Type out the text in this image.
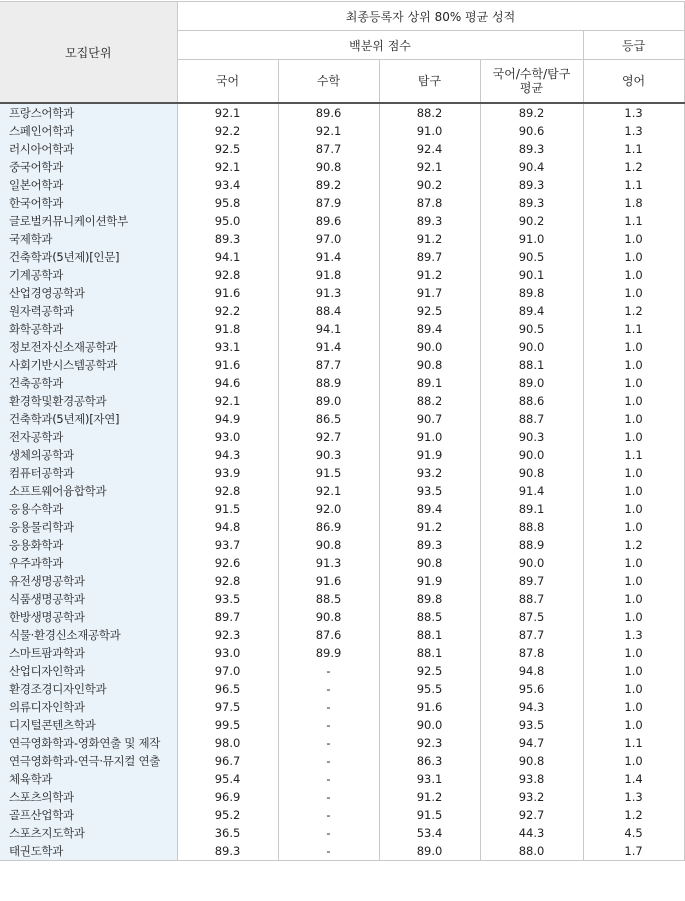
모집단위	최종등록자 상위 80% 평균 성적				
	백분위 점수				등급
	국어	수학	탐구	국어/수학/탐구
평균	영어
프랑스어학과	92.1	89.6	88.2	89.2	1.3
스페인어학과	92.2	92.1	91.0	90.6	1.3
러시아어학과	92.5	87.7	92.4	89.3	1.1
중국어학과	92.1	90.8	92.1	90.4	1.2
일본어학과	93.4	89.2	90.2	89.3	1.1
한국어학과	95.8	87.9	87.8	89.3	1.8
글로벌커뮤니케이션학부	95.0	89.6	89.3	90.2	1.1
국제학과	89.3	97.0	91.2	91.0	1.0
건축학과(5년제)[인문]	94.1	91.4	89.7	90.5	1.0
기계공학과	92.8	91.8	91.2	90.1	1.0
산업경영공학과	91.6	91.3	91.7	89.8	1.0
원자력공학과	92.2	88.4	92.5	89.4	1.2
화학공학과	91.8	94.1	89.4	90.5	1.1
정보전자신소재공학과	93.1	91.4	90.0	90.0	1.0
사회기반시스템공학과	91.6	87.7	90.8	88.1	1.0
건축공학과	94.6	88.9	89.1	89.0	1.0
환경학및환경공학과	92.1	89.0	88.2	88.6	1.0
건축학과(5년제)[자연]	94.9	86.5	90.7	88.7	1.0
전자공학과	93.0	92.7	91.0	90.3	1.0
생체의공학과	94.3	90.3	91.9	90.0	1.1
컴퓨터공학과	93.9	91.5	93.2	90.8	1.0
소프트웨어융합학과	92.8	92.1	93.5	91.4	1.0
응용수학과	91.5	92.0	89.4	89.1	1.0
응용물리학과	94.8	86.9	91.2	88.8	1.0
응용화학과	93.7	90.8	89.3	88.9	1.2
우주과학과	92.6	91.3	90.8	90.0	1.0
유전생명공학과	92.8	91.6	91.9	89.7	1.0
식품생명공학과	93.5	88.5	89.8	88.7	1.0
한방생명공학과	89.7	90.8	88.5	87.5	1.0
식물·환경신소재공학과	92.3	87.6	88.1	87.7	1.3
스마트팜과학과	93.0	89.9	88.1	87.8	1.0
산업디자인학과	97.0	-	92.5	94.8	1.0
환경조경디자인학과	96.5	-	95.5	95.6	1.0
의류디자인학과	97.5	-	91.6	94.3	1.0
디지털콘텐츠학과	99.5	-	90.0	93.5	1.0
연극영화학과-영화연출 및 제작	98.0	-	92.3	94.7	1.1
연극영화학과-연극·뮤지컬 연출	96.7	-	86.3	90.8	1.0
체육학과	95.4	-	93.1	93.8	1.4
스포츠의학과	96.9	-	91.2	93.2	1.3
골프산업학과	95.2	-	91.5	92.7	1.2
스포츠지도학과	36.5	-	53.4	44.3	4.5
태권도학과	89.3	-	89.0	88.0	1.7
